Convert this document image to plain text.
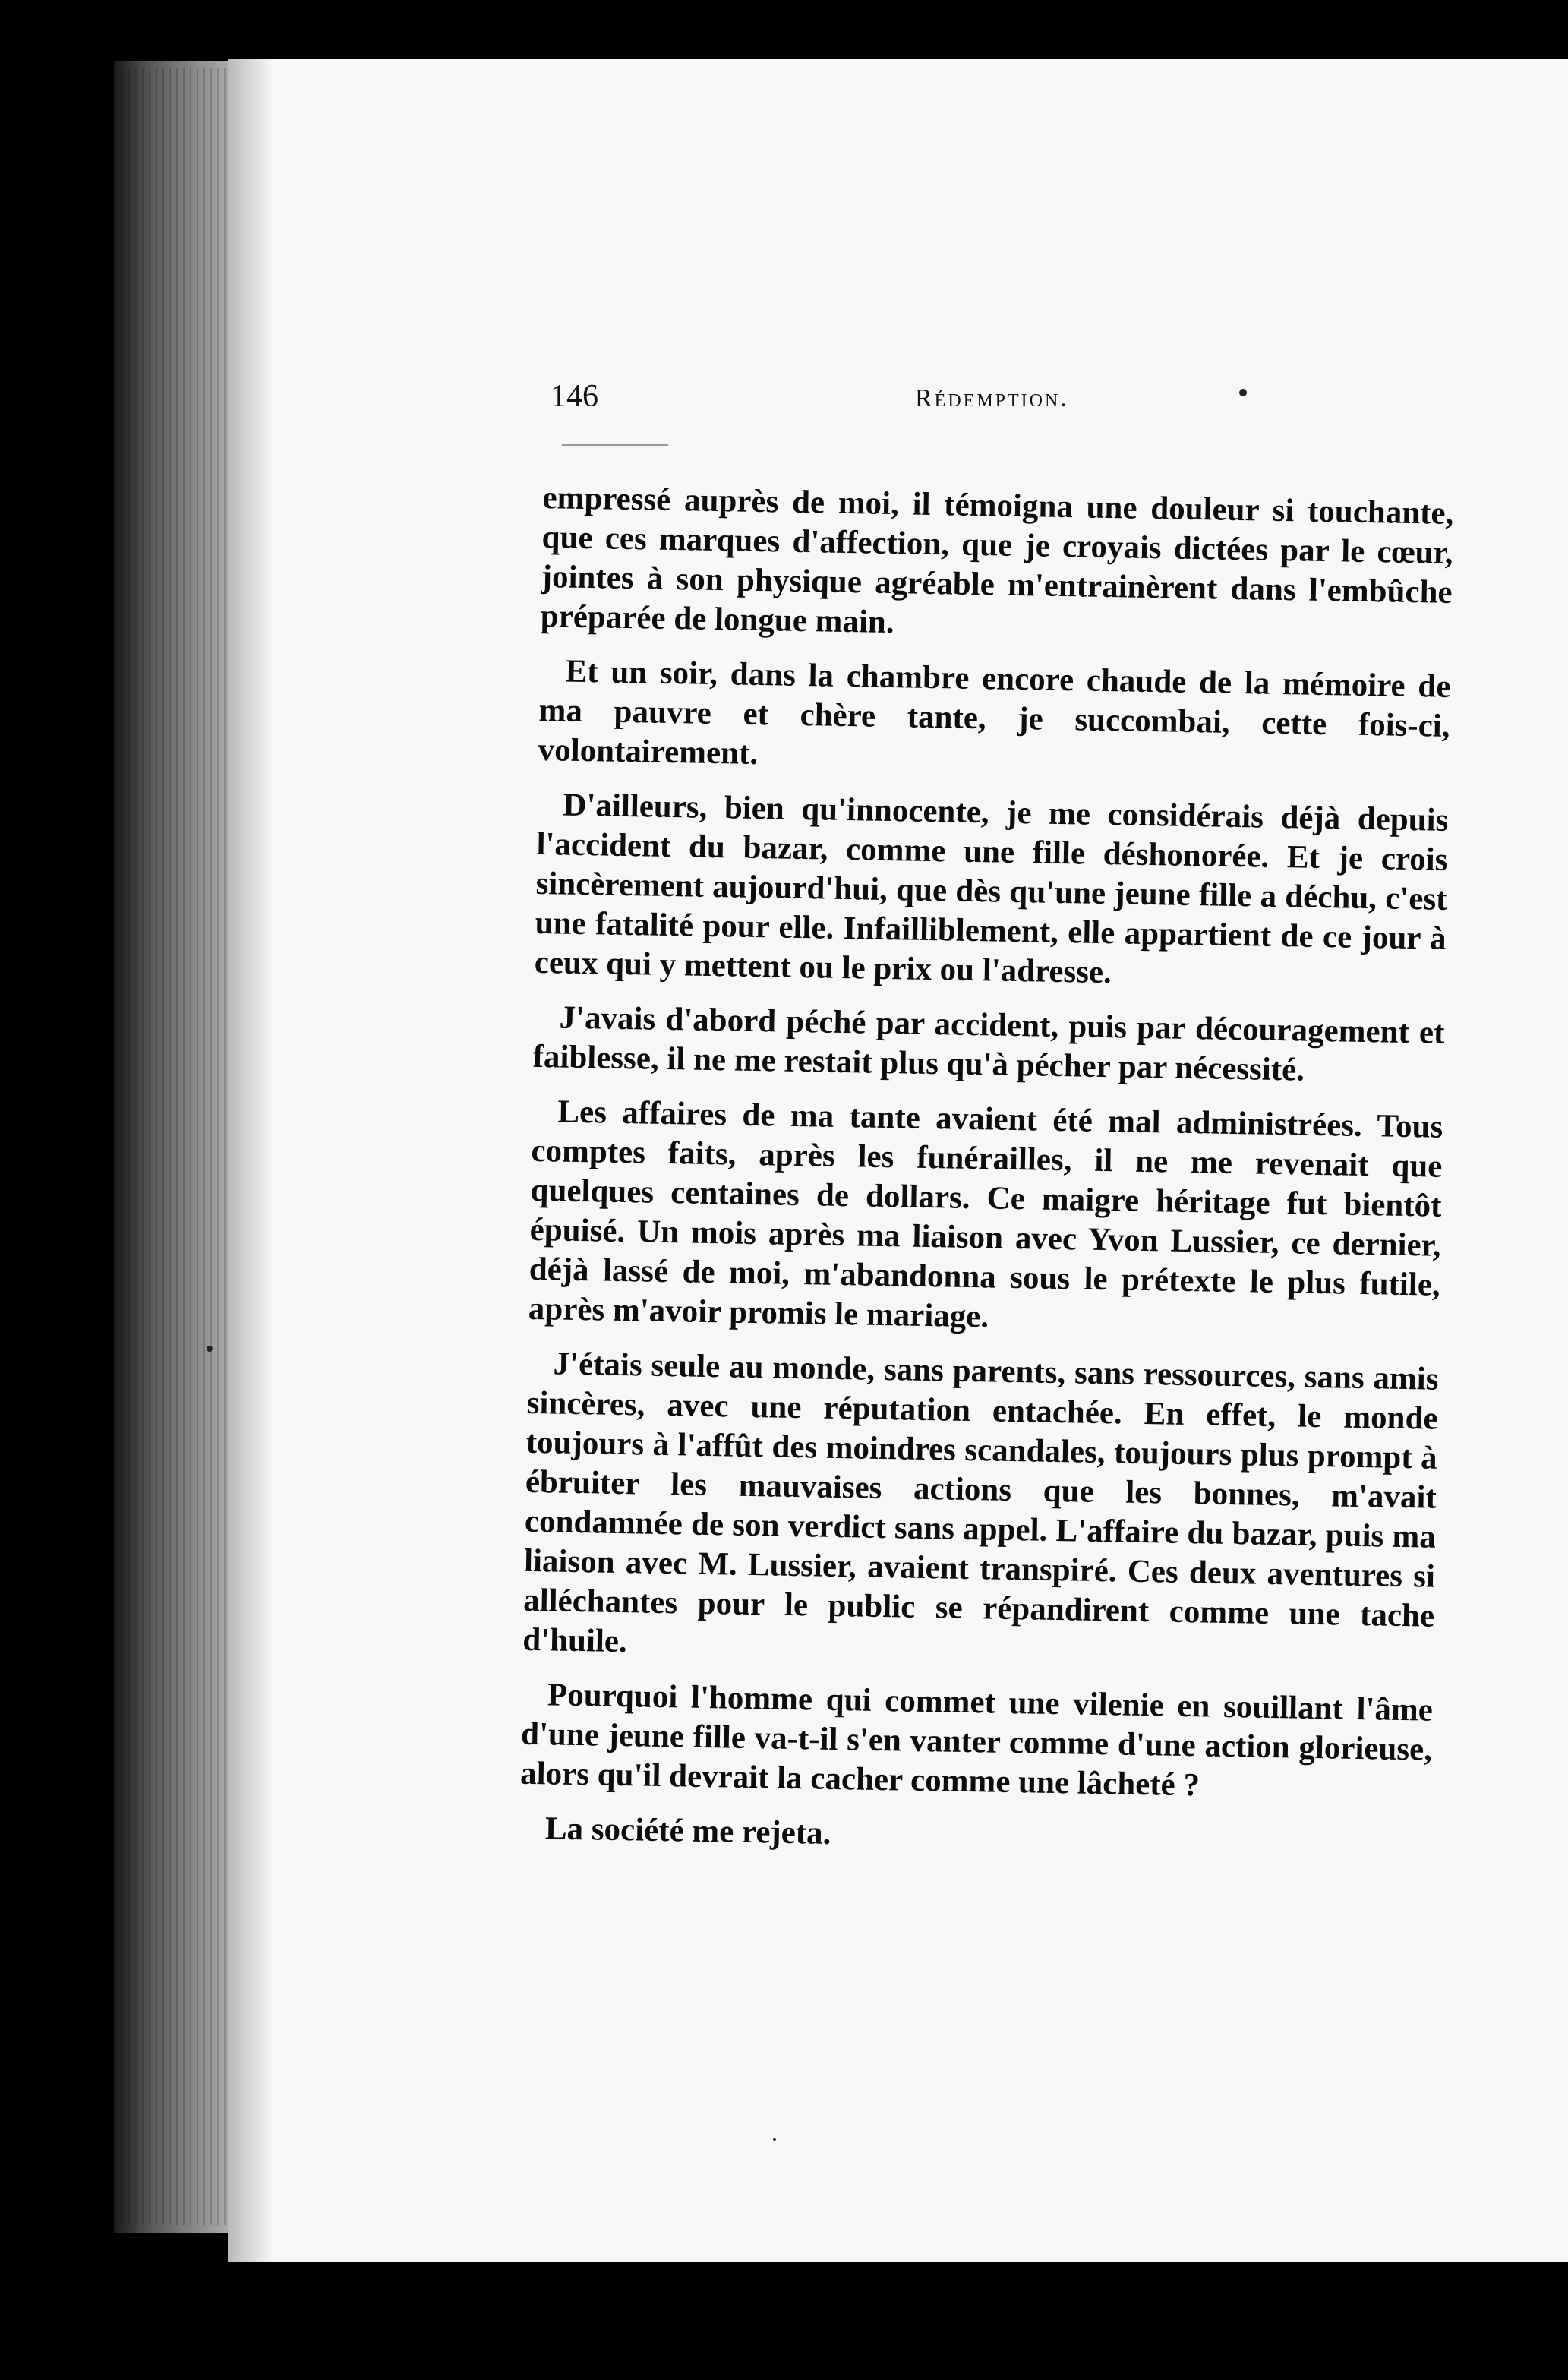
146	Rédemption.

empressé auprès de moi, il témoigna une douleur si touchante, que ces marques d'affection, que je croyais dictées par le cœur, jointes à son physique agréable m'entrainèrent dans l'embûche préparée de longue main.

Et un soir, dans la chambre encore chaude de la mémoire de ma pauvre et chère tante, je succombai, cette fois-ci, volontairement.

D'ailleurs, bien qu'innocente, je me considérais déjà depuis l'accident du bazar, comme une fille déshonorée. Et je crois sincèrement aujourd'hui, que dès qu'une jeune fille a déchu, c'est une fatalité pour elle. Infailliblement, elle appartient de ce jour à ceux qui y mettent ou le prix ou l'adresse.

J'avais d'abord péché par accident, puis par découragement et faiblesse, il ne me restait plus qu'à pécher par nécessité.

Les affaires de ma tante avaient été mal administrées. Tous comptes faits, après les funérailles, il ne me revenait que quelques centaines de dollars. Ce maigre héritage fut bientôt épuisé. Un mois après ma liaison avec Yvon Lussier, ce dernier, déjà lassé de moi, m'abandonna sous le prétexte le plus futile, après m'avoir promis le mariage.

J'étais seule au monde, sans parents, sans ressources, sans amis sincères, avec une réputation entachée. En effet, le monde toujours à l'affût des moindres scandales, toujours plus prompt à ébruiter les mauvaises actions que les bonnes, m'avait condamnée de son verdict sans appel. L'affaire du bazar, puis ma liaison avec M. Lussier, avaient transpiré. Ces deux aventures si alléchantes pour le public se répandirent comme une tache d'huile.

Pourquoi l'homme qui commet une vilenie en souillant l'âme d'une jeune fille va-t-il s'en vanter comme d'une action glorieuse, alors qu'il devrait la cacher comme une lâcheté ?

La société me rejeta.
